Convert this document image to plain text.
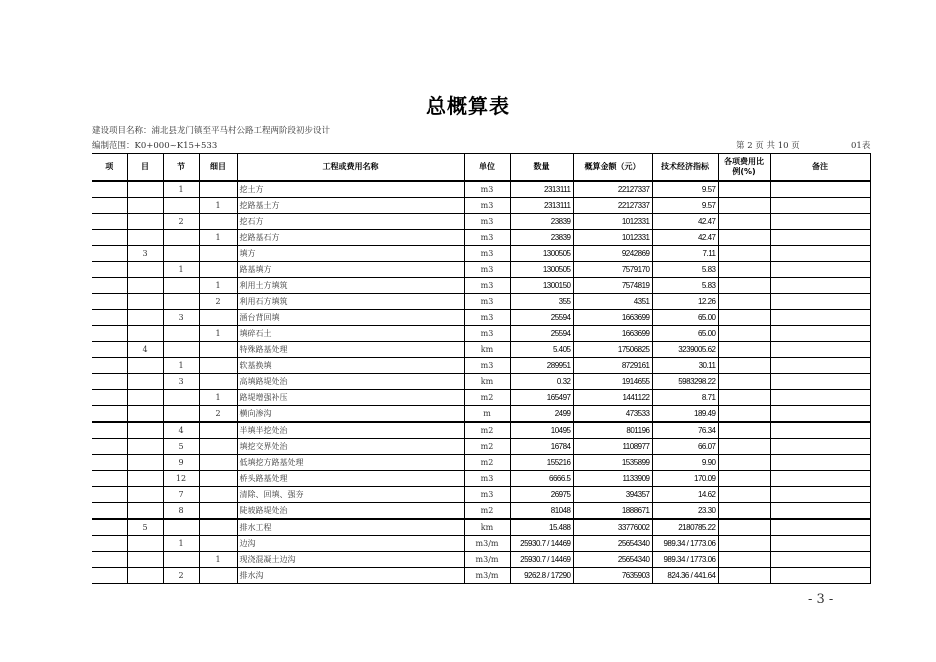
总概算表
建设项目名称：浦北县龙门镇至平马村公路工程两阶段初步设计
编制范围：K0+000~K15+533	第 2 页 共 10 页	01表
项	目	节	细目	工程或费用名称	单位	数量	概算金额（元）	技术经济指标	各项费用比例(%)	备注
		1		挖土方	m3	2313111	22127337	9.57		
			1	挖路基土方	m3	2313111	22127337	9.57		
		2		挖石方	m3	23839	1012331	42.47		
			1	挖路基石方	m3	23839	1012331	42.47		
	3			填方	m3	1300505	9242869	7.11		
		1		路基填方	m3	1300505	7579170	5.83		
			1	利用土方填筑	m3	1300150	7574819	5.83		
			2	利用石方填筑	m3	355	4351	12.26		
		3		涵台背回填	m3	25594	1663699	65.00		
			1	填碎石土	m3	25594	1663699	65.00		
	4			特殊路基处理	km	5.405	17506825	3239005.62		
		1		软基换填	m3	289951	8729161	30.11		
		3		高填路堤处治	km	0.32	1914655	5983298.22		
			1	路堤增强补压	m2	165497	1441122	8.71		
			2	横向渗沟	m	2499	473533	189.49		
		4		半填半挖处治	m2	10495	801196	76.34		
		5		填挖交界处治	m2	16784	1108977	66.07		
		9		低填挖方路基处理	m2	155216	1535899	9.90		
		12		桥头路基处理	m3	6666.5	1133909	170.09		
		7		清除、回填、强夯	m3	26975	394357	14.62		
		8		陡坡路堤处治	m2	81048	1888671	23.30		
	5			排水工程	km	15.488	33776002	2180785.22		
		1		边沟	m3/m	25930.7 / 14469	25654340	989.34 / 1773.06		
			1	现浇混凝土边沟	m3/m	25930.7 / 14469	25654340	989.34 / 1773.06		
		2		排水沟	m3/m	9262.8 / 17290	7635903	824.36 / 441.64		
- 3 -
